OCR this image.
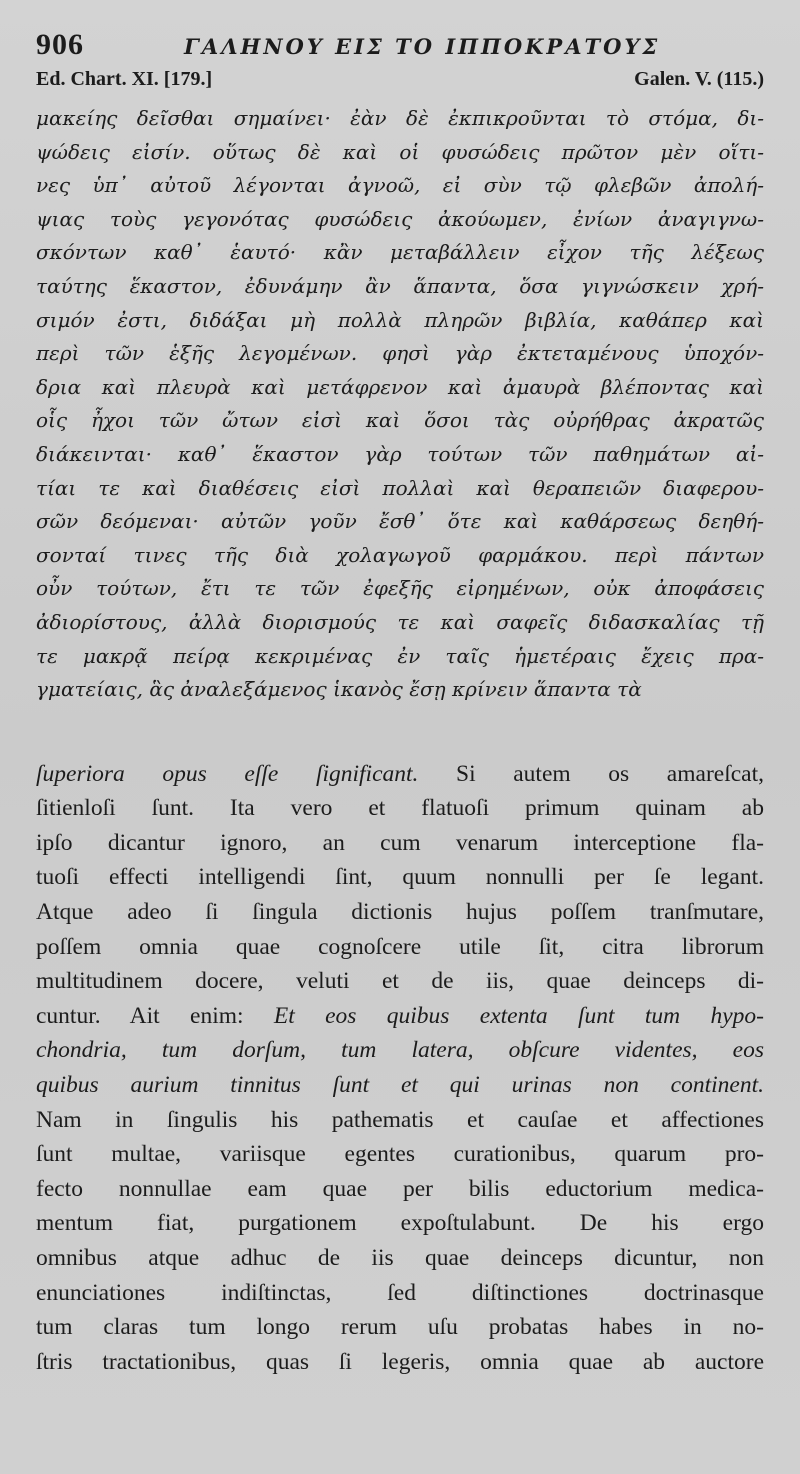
906	ΓΑΛΗΝΟΥ ΕΙΣ ΤΟ ΙΠΠΟΚΡΑΤΟΥΣ
Ed. Chart. XI. [179.]	Galen. V. (115.)
μακείης δεῖσθαι σημαίνει· ἐὰν δὲ ἐκπικροῦνται τὸ στόμα, δι-
ψώδεις εἰσίν. οὕτως δὲ καὶ οἱ φυσώδεις πρῶτον μὲν οἵτι-
νες ὑπ᾽ αὐτοῦ λέγονται ἀγνοῶ, εἰ σὺν τῷ φλεβῶν ἀπολή-
ψιας τοὺς γεγονότας φυσώδεις ἀκούωμεν, ἐνίων ἀναγιγνω-
σκόντων καθ᾽ ἑαυτό· κἂν μεταβάλλειν εἶχον τῆς λέξεως
ταύτης ἕκαστον, ἐδυνάμην ἂν ἅπαντα, ὅσα γιγνώσκειν χρή-
σιμόν ἐστι, διδάξαι μὴ πολλὰ πληρῶν βιβλία, καθάπερ καὶ
περὶ τῶν ἑξῆς λεγομένων. φησὶ γὰρ ἐκτεταμένους ὑποχόν-
δρια καὶ πλευρὰ καὶ μετάφρενον καὶ ἀμαυρὰ βλέποντας καὶ
οἷς ἦχοι τῶν ὤτων εἰσὶ καὶ ὅσοι τὰς οὐρήθρας ἀκρατῶς
διάκεινται· καθ᾽ ἕκαστον γὰρ τούτων τῶν παθημάτων αἰ-
τίαι τε καὶ διαθέσεις εἰσὶ πολλαὶ καὶ θεραπειῶν διαφερου-
σῶν δεόμεναι· αὐτῶν γοῦν ἔσθ᾽ ὅτε καὶ καθάρσεως δεηθή-
σονταί τινες τῆς διὰ χολαγωγοῦ φαρμάκου. περὶ πάντων
οὖν τούτων, ἔτι τε τῶν ἐφεξῆς εἰρημένων, οὐκ ἀποφάσεις
ἀδιορίστους, ἀλλὰ διορισμούς τε καὶ σαφεῖς διδασκαλίας τῇ
τε μακρᾷ πείρᾳ κεκριμένας ἐν ταῖς ἡμετέραις ἔχεις πρα-
γματείαις, ἃς ἀναλεξάμενος ἱκανὸς ἔσῃ κρίνειν ἅπαντα τὰ
ſuperiora opus eſſe ſignificant. Si autem os amareſcat,
ſitienloſi ſunt. Ita vero et flatuoſi primum quinam ab
ipſo dicantur ignoro, an cum venarum interceptione fla-
tuoſi effecti intelligendi ſint, quum nonnulli per ſe legant.
Atque adeo ſi ſingula dictionis hujus poſſem tranſmutare,
poſſem omnia quae cognoſcere utile ſit, citra librorum
multitudinem docere, veluti et de iis, quae deinceps di-
cuntur. Ait enim: Et eos quibus extenta ſunt tum hypo-
chondria, tum dorſum, tum latera, obſcure videntes, eos
quibus aurium tinnitus ſunt et qui urinas non continent.
Nam in ſingulis his pathematis et cauſae et affectiones
ſunt multae, variisque egentes curationibus, quarum pro-
fecto nonnullae eam quae per bilis eductorium medica-
mentum fiat, purgationem expoſtulabunt. De his ergo
omnibus atque adhuc de iis quae deinceps dicuntur, non
enunciationes indiſtinctas, ſed diſtinctiones doctrinasque
tum claras tum longo rerum uſu probatas habes in no-
ſtris tractationibus, quas ſi legeris, omnia quae ab auctore
